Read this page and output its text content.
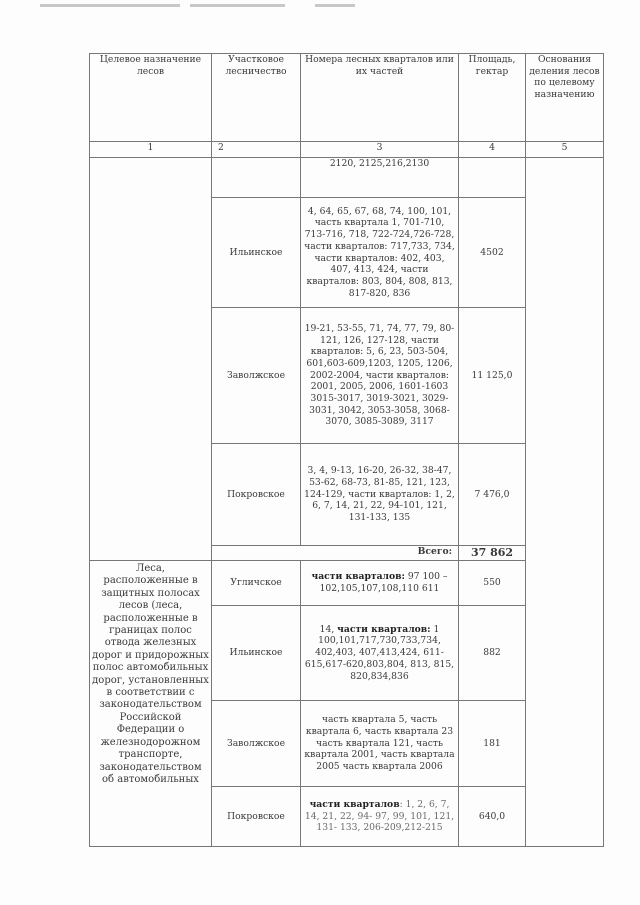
Целевое назначение лесов	Участковое лесничество	Номера лесных кварталов или их частей	Площадь, гектар	Основания деления лесов по целевому назначению
1	2	3	4	5
		2120, 2125,216,2130		
	Ильинское	4, 64, 65, 67, 68, 74, 100, 101, часть квартала 1, 701-710, 713-716, 718, 722-724,726-728, части кварталов: 717,733, 734, части кварталов: 402, 403, 407, 413, 424, части кварталов: 803, 804, 808, 813, 817-820, 836	4502	
	Заволжское	19-21, 53-55, 71, 74, 77, 79, 80-121, 126, 127-128, части кварталов: 5, 6, 23, 503-504, 601,603-609,1203, 1205, 1206, 2002-2004, части кварталов: 2001, 2005, 2006, 1601-1603 3015-3017, 3019-3021, 3029-3031, 3042, 3053-3058, 3068-3070, 3085-3089, 3117	11 125,0	
	Покровское	3, 4, 9-13, 16-20, 26-32, 38-47, 53-62, 68-73, 81-85, 121, 123, 124-129, части кварталов: 1, 2, 6, 7, 14, 21, 22, 94-101, 121, 131-133, 135	7 476,0	
	Всего:		37 862	
Леса, расположенные в защитных полосах лесов (леса, расположенные в границах полос отвода железных дорог и придорожных полос автомобильных дорог, установленных в соответствии с законодательством Российской Федерации о железнодорожном транспорте, законодательством об автомобильных	Угличское	части кварталов: 97 100 – 102,105,107,108,110 611	550	
	Ильинское	14, части кварталов: 1 100,101,717,730,733,734, 402,403, 407,413,424, 611-615,617-620,803,804, 813, 815, 820,834,836	882	
	Заволжское	часть квартала 5, часть квартала 6, часть квартала 23 часть квартала 121, часть квартала 2001, часть квартала 2005 часть квартала 2006	181	
	Покровское	части кварталов: 1, 2, 6, 7, 14, 21, 22, 94- 97, 99, 101, 121, 131- 133, 206-209,212-215	640,0	
